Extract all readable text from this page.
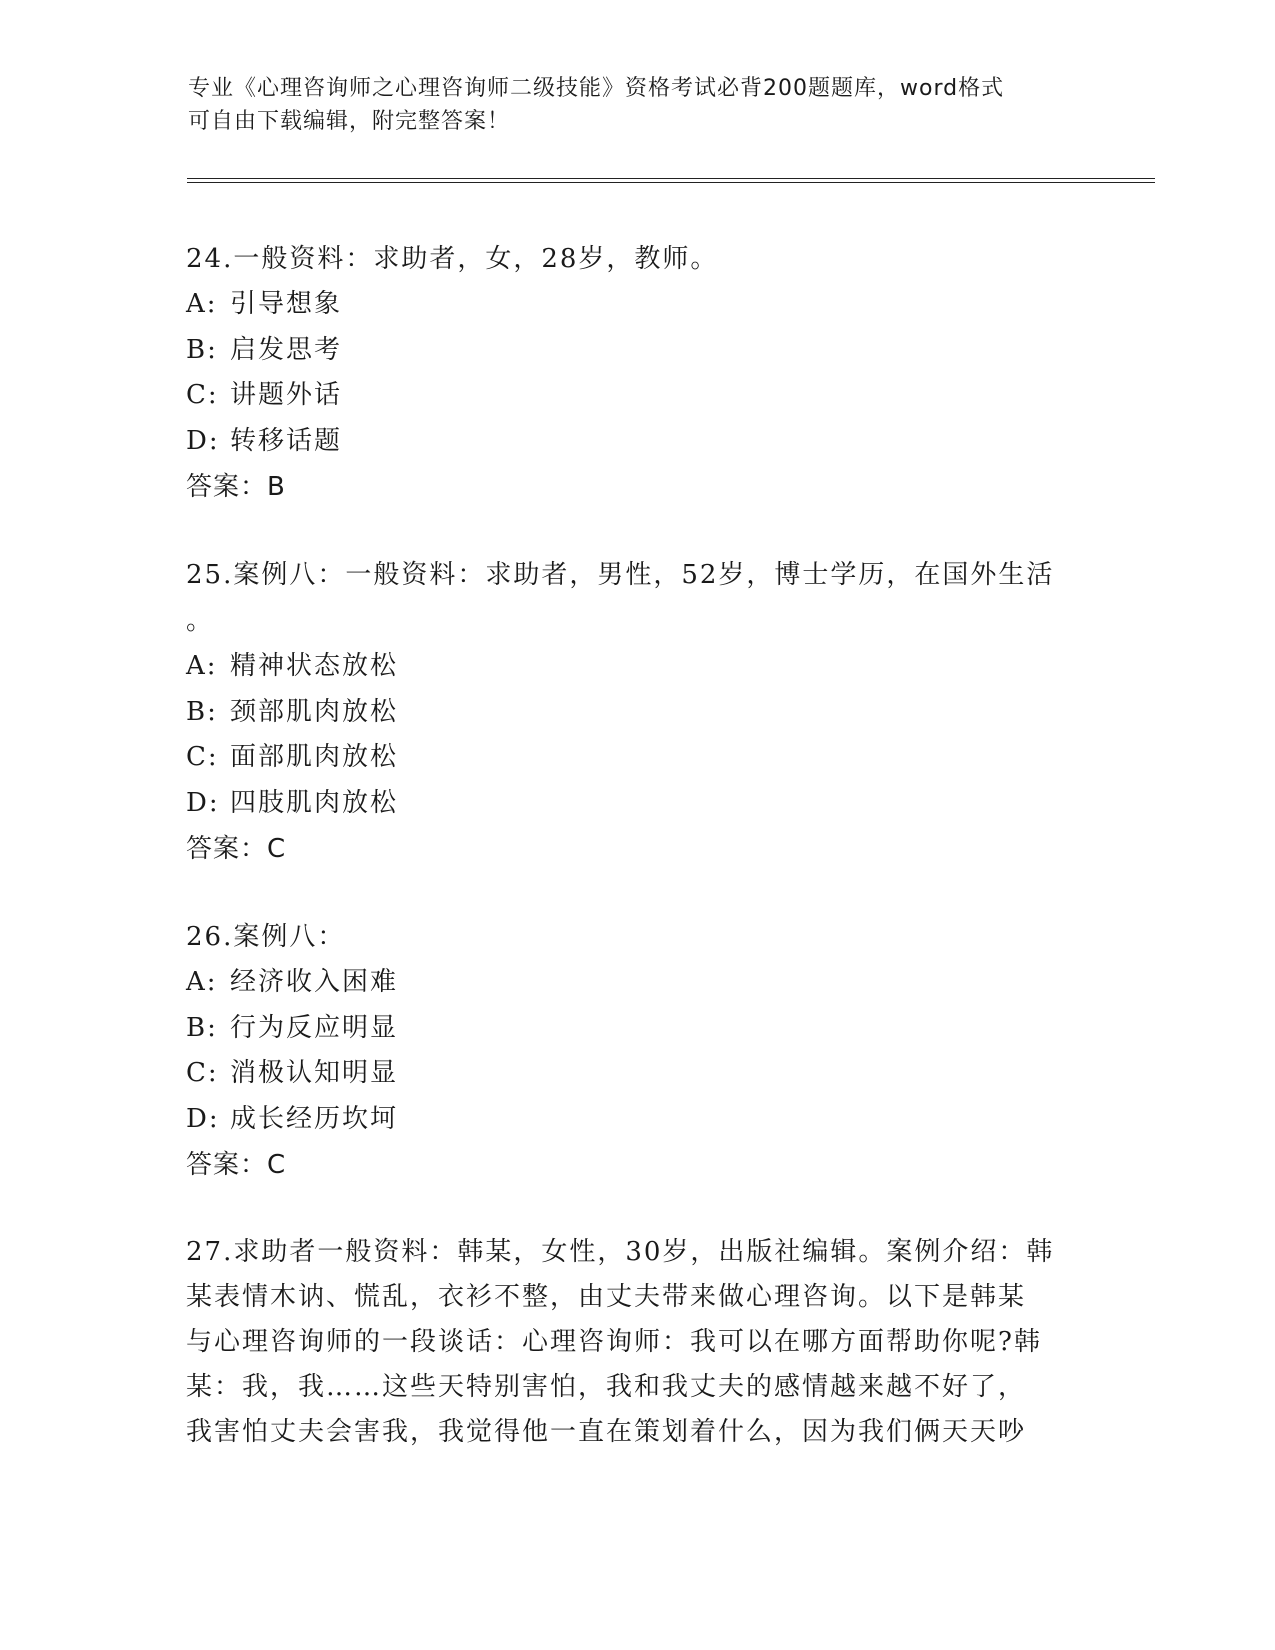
专业《心理咨询师之心理咨询师二级技能》资格考试必背200题题库，word格式
可自由下载编辑，附完整答案！

24.一般资料：求助者，女，28岁，教师。

A: 引导想象

B: 启发思考

C: 讲题外话

D: 转移话题

答案：B

25.案例八：一般资料：求助者，男性，52岁，博士学历，在国外生活

。

A: 精神状态放松

B: 颈部肌肉放松

C: 面部肌肉放松

D: 四肢肌肉放松

答案：C

26.案例八：

A: 经济收入困难

B: 行为反应明显

C: 消极认知明显

D: 成长经历坎坷

答案：C

27.求助者一般资料：韩某，女性，30岁，出版社编辑。案例介绍：韩

某表情木讷、慌乱，衣衫不整，由丈夫带来做心理咨询。以下是韩某

与心理咨询师的一段谈话：心理咨询师：我可以在哪方面帮助你呢?韩

某：我，我……这些天特别害怕，我和我丈夫的感情越来越不好了，

我害怕丈夫会害我，我觉得他一直在策划着什么，因为我们俩天天吵
